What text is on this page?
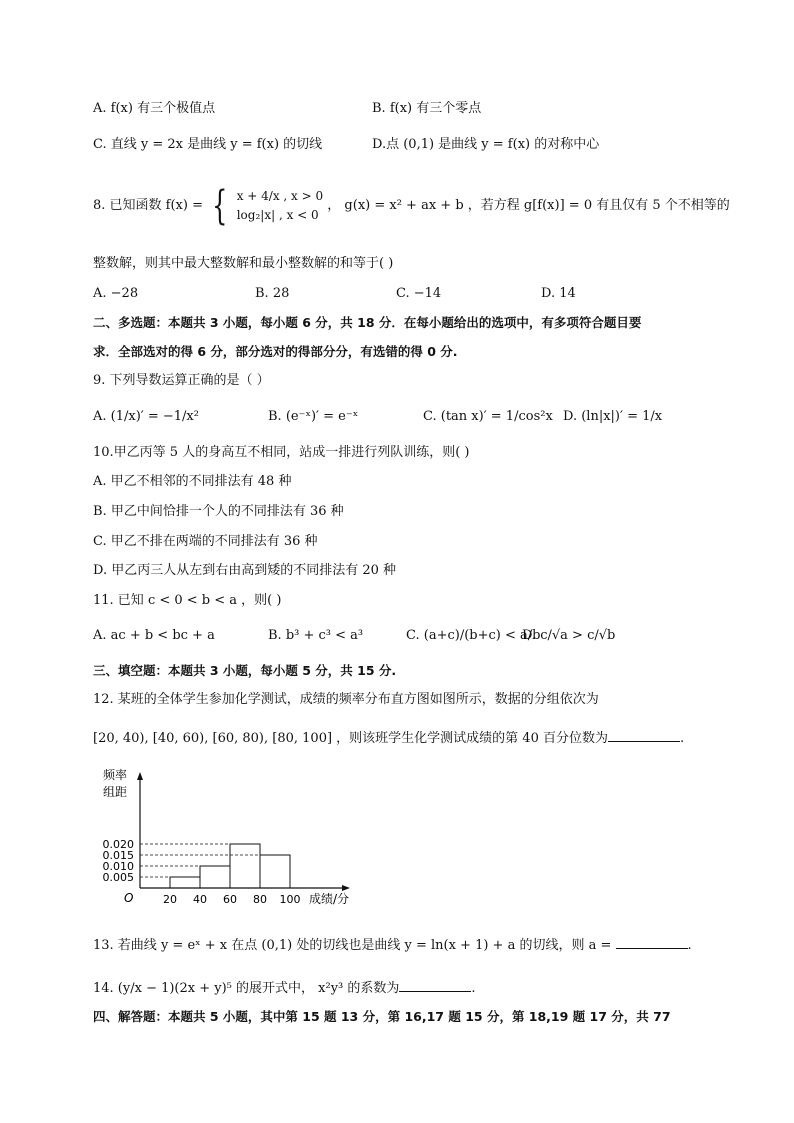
A. f(x) 有三个极值点	B. f(x) 有三个零点
C. 直线 y = 2x 是曲线 y = f(x) 的切线	D.点 (0,1) 是曲线 y = f(x) 的对称中心
8. 已知函数 f(x) = { x + 4/x , x > 0
log₂|x| , x < 0
， g(x) = x² + ax + b ，若方程 g[f(x)] = 0 有且仅有 5 个不相等的
整数解，则其中最大整数解和最小整数解的和等于( )
A. −28	B. 28	C. −14	D. 14
二、多选题：本题共 3 小题，每小题 6 分，共 18 分．在每小题给出的选项中，有多项符合题目要
求．全部选对的得 6 分，部分选对的得部分分，有选错的得 0 分.
9. 下列导数运算正确的是（ ）
A. (1/x)′ = −1/x²	B. (e⁻ˣ)′ = e⁻ˣ	C. (tan x)′ = 1/cos²x D. (ln|x|)′ = 1/x
10.甲乙丙等 5 人的身高互不相同，站成一排进行列队训练，则( )
A. 甲乙不相邻的不同排法有 48 种
B. 甲乙中间恰排一个人的不同排法有 36 种
C. 甲乙不排在两端的不同排法有 36 种
D. 甲乙丙三人从左到右由高到矮的不同排法有 20 种
11. 已知 c < 0 < b < a ，则( )
A. ac + b < bc + a	B. b³ + c³ < a³	C. (a+c)/(b+c) < a/b
D. c/√a > c/√b
三、填空题：本题共 3 小题，每小题 5 分，共 15 分.
12. 某班的全体学生参加化学测试，成绩的频率分布直方图如图所示，数据的分组依次为
[20, 40), [40, 60), [60, 80), [80, 100] ，则该班学生化学测试成绩的第 40 百分位数为	.
频率
组距
成绩/分
O	20 40 60 80 100
0.005
0.010
0.015
0.020
13. 若曲线 y = eˣ + x 在点 (0,1) 处的切线也是曲线 y = ln(x + 1) + a 的切线，则 a =	.
14. (y/x − 1)(2x + y)⁵ 的展开式中， x²y³ 的系数为	.
四、解答题：本题共 5 小题，其中第 15 题 13 分，第 16,17 题 15 分，第 18,19 题 17 分，共 77
